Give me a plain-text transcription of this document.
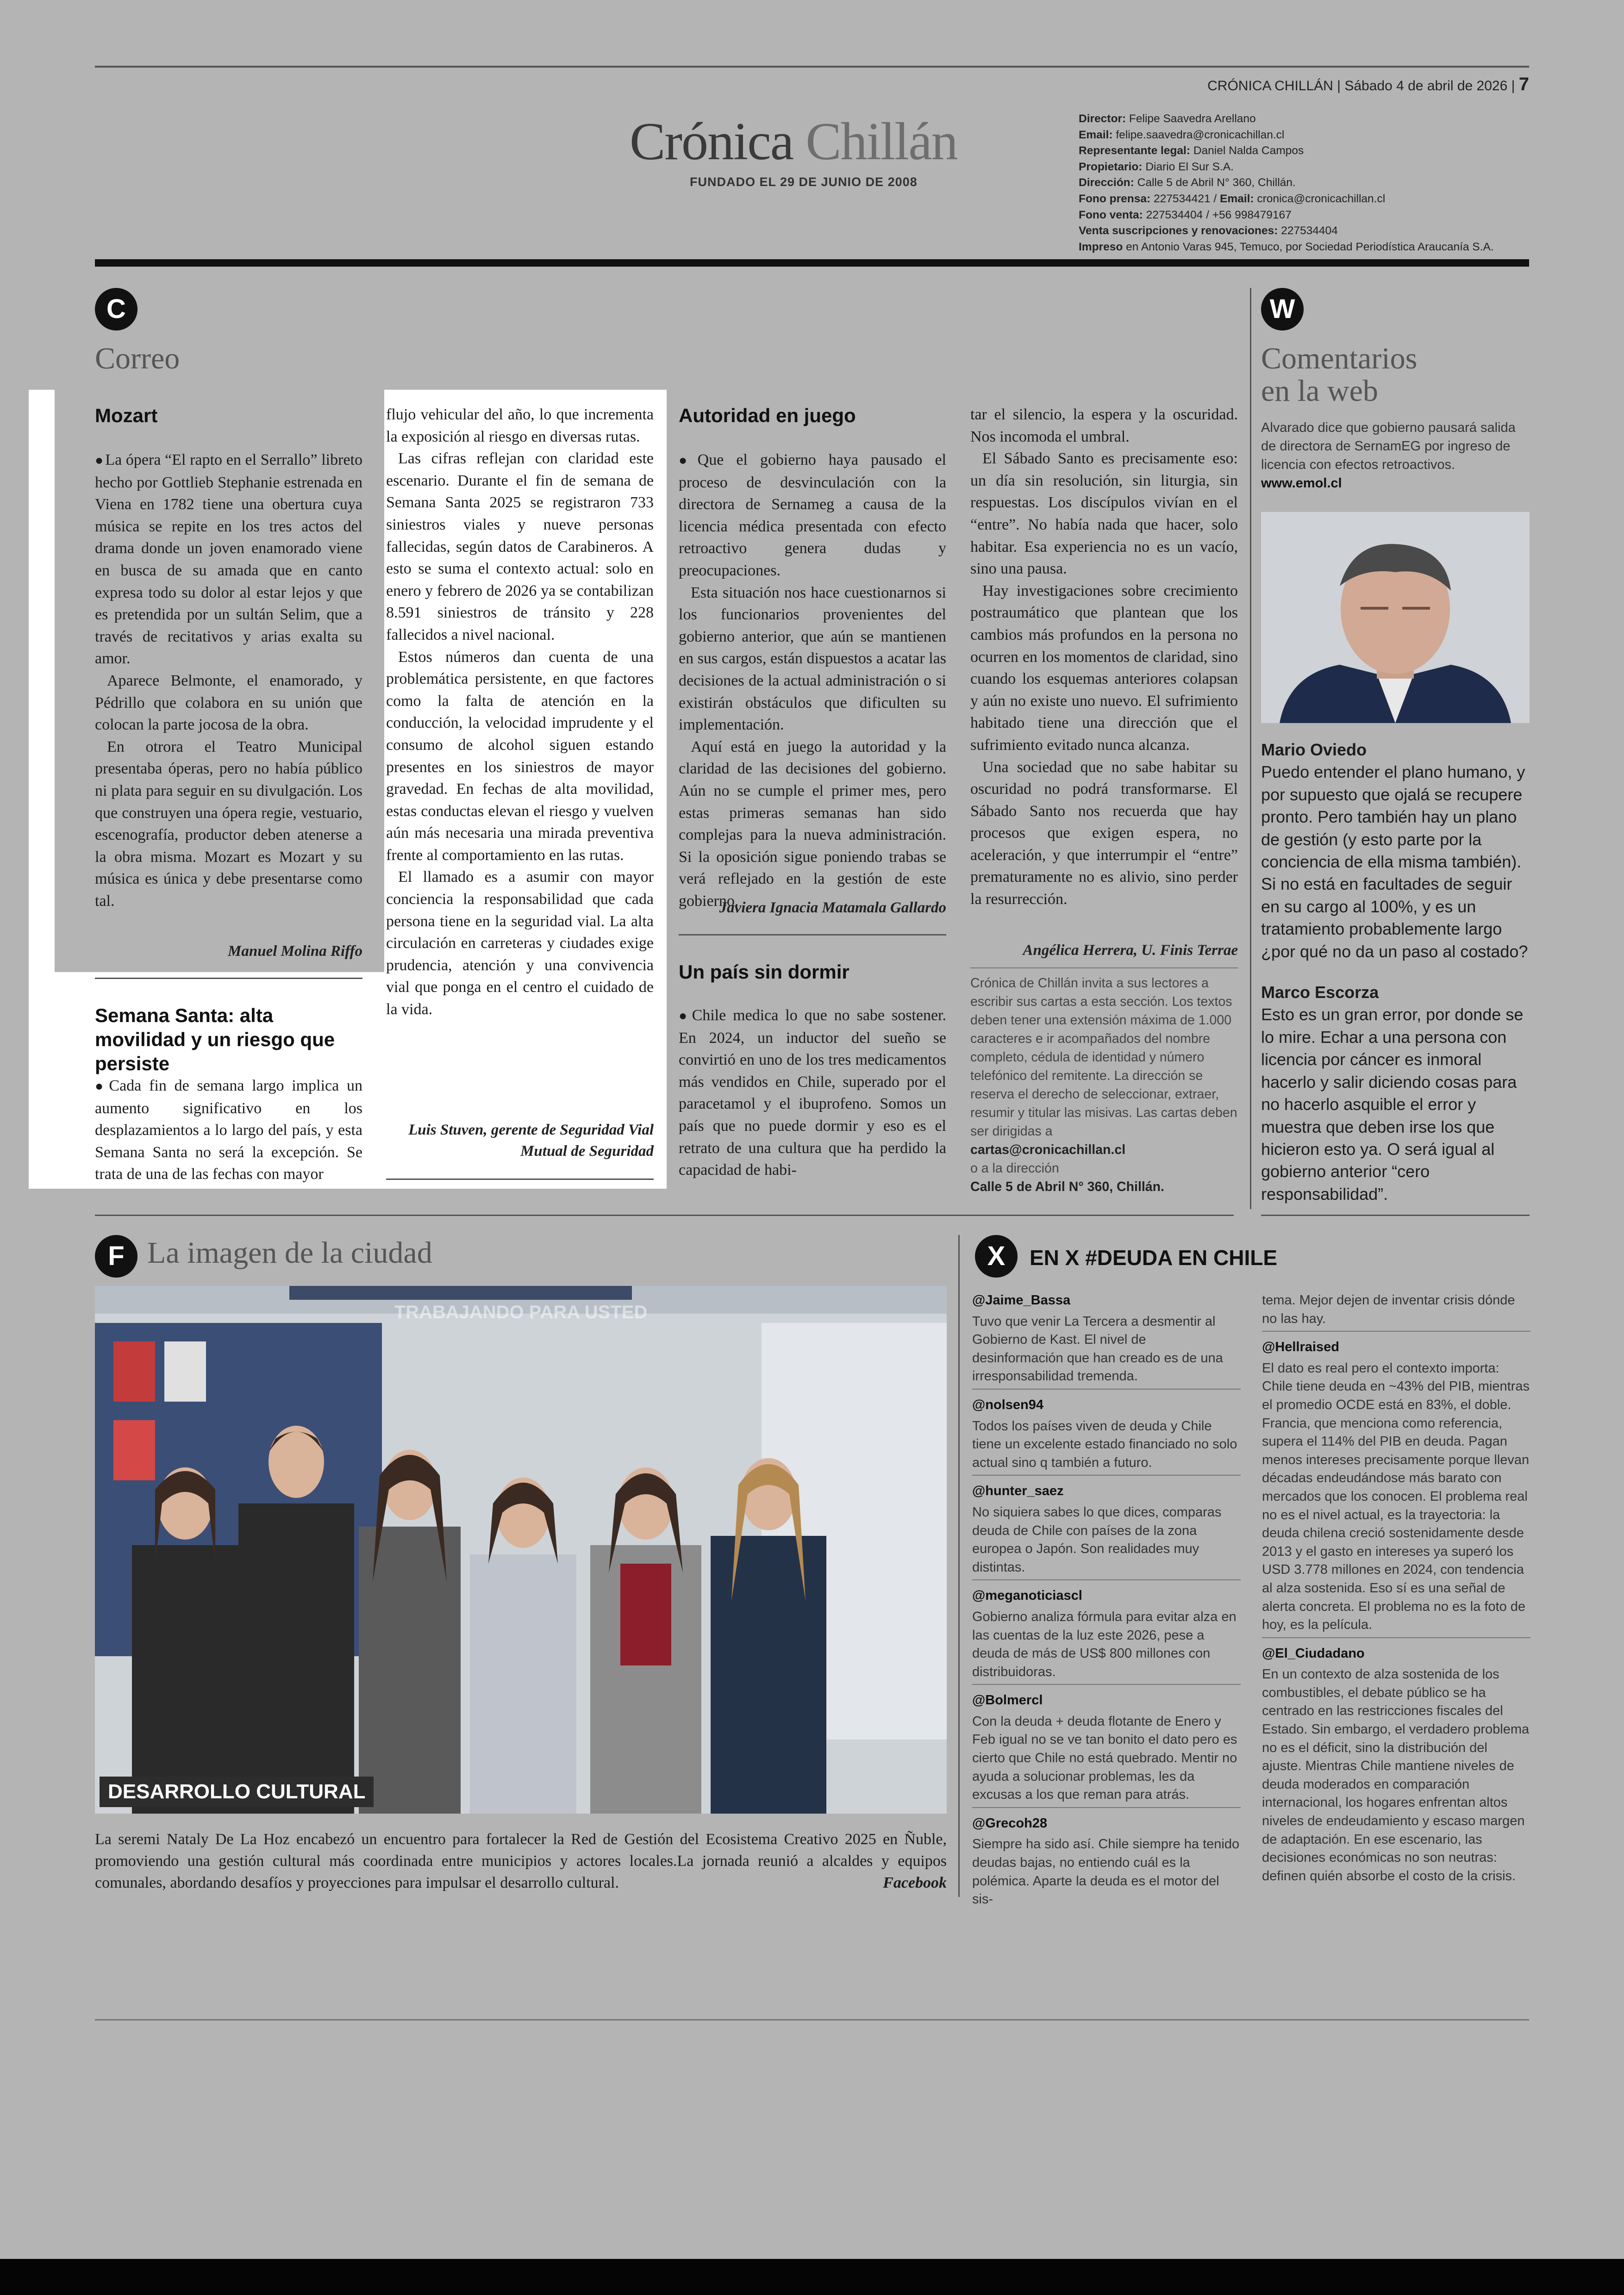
CRÓNICA CHILLÁN | Sábado 4 de abril de 2026 | 7
Crónica Chillán
FUNDADO EL 29 DE JUNIO DE 2008
Director: Felipe Saavedra Arellano
Email: felipe.saavedra@cronicachillan.cl
Representante legal: Daniel Nalda Campos
Propietario: Diario El Sur S.A.
Dirección: Calle 5 de Abril N° 360, Chillán.
Fono prensa: 227534421 / Email: cronica@cronicachillan.cl
Fono venta: 227534404 / +56 998479167
Venta suscripciones y renovaciones: 227534404
Impreso en Antonio Varas 945, Temuco, por Sociedad Periodística Araucanía S.A.
C
Correo
Mozart

● La ópera “El rapto en el Serrallo” libreto hecho por Gottlieb Stephanie estrenada en Viena en 1782 tiene una obertura cuya música se repite en los tres actos del drama donde un joven enamorado viene en busca de su amada que en canto expresa todo su dolor al estar lejos y que es pretendida por un sultán Selim, que a través de recitativos y arias exalta su amor.

Aparece Belmonte, el enamorado, y Pédrillo que colabora en su unión que colocan la parte jocosa de la obra.

En otrora el Teatro Municipal presentaba óperas, pero no había público ni plata para seguir en su divulgación. Los que construyen una ópera regie, vestuario, escenografía, productor deben atenerse a la obra misma. Mozart es Mozart y su música es única y debe presentarse como tal.

Manuel Molina Riffo
Semana Santa: alta movilidad y un riesgo que persiste

● Cada fin de semana largo implica un aumento significativo en los desplazamientos a lo largo del país, y esta Semana Santa no será la excepción. Se trata de una de las fechas con mayor

flujo vehicular del año, lo que incrementa la exposición al riesgo en diversas rutas.

Las cifras reflejan con claridad este escenario. Durante el fin de semana de Semana Santa 2025 se registraron 733 siniestros viales y nueve personas fallecidas, según datos de Carabineros. A esto se suma el contexto actual: solo en enero y febrero de 2026 ya se contabilizan 8.591 siniestros de tránsito y 228 fallecidos a nivel nacional.

Estos números dan cuenta de una problemática persistente, en que factores como la falta de atención en la conducción, la velocidad imprudente y el consumo de alcohol siguen estando presentes en los siniestros de mayor gravedad. En fechas de alta movilidad, estas conductas elevan el riesgo y vuelven aún más necesaria una mirada preventiva frente al comportamiento en las rutas.

El llamado es a asumir con mayor conciencia la responsabilidad que cada persona tiene en la seguridad vial. La alta circulación en carreteras y ciudades exige prudencia, atención y una convivencia vial que ponga en el centro el cuidado de la vida.

Luis Stuven, gerente de Seguridad Vial Mutual de Seguridad
Autoridad en juego

● Que el gobierno haya pausado el proceso de desvinculación con la directora de Sernameg a causa de la licencia médica presentada con efecto retroactivo genera dudas y preocupaciones.

Esta situación nos hace cuestionarnos si los funcionarios provenientes del gobierno anterior, que aún se mantienen en sus cargos, están dispuestos a acatar las decisiones de la actual administración o si existirán obstáculos que dificulten su implementación.

Aquí está en juego la autoridad y la claridad de las decisiones del gobierno. Aún no se cumple el primer mes, pero estas primeras semanas han sido complejas para la nueva administración. Si la oposición sigue poniendo trabas se verá reflejado en la gestión de este gobierno.

Javiera Ignacia Matamala Gallardo
Un país sin dormir

● Chile medica lo que no sabe sostener. En 2024, un inductor del sueño se convirtió en uno de los tres medicamentos más vendidos en Chile, superado por el paracetamol y el ibuprofeno. Somos un país que no puede dormir y eso es el retrato de una cultura que ha perdido la capacidad de habi-

tar el silencio, la espera y la oscuridad. Nos incomoda el umbral.

El Sábado Santo es precisamente eso: un día sin resolución, sin liturgia, sin respuestas. Los discípulos vivían en el “entre”. No había nada que hacer, solo habitar. Esa experiencia no es un vacío, sino una pausa.

Hay investigaciones sobre crecimiento postraumático que plantean que los cambios más profundos en la persona no ocurren en los momentos de claridad, sino cuando los esquemas anteriores colapsan y aún no existe uno nuevo. El sufrimiento habitado tiene una dirección que el sufrimiento evitado nunca alcanza.

Una sociedad que no sabe habitar su oscuridad no podrá transformarse. El Sábado Santo nos recuerda que hay procesos que exigen espera, no aceleración, y que interrumpir el “entre” prematuramente no es alivio, sino perder la resurrección.

Angélica Herrera, U. Finis Terrae
Crónica de Chillán invita a sus lectores a escribir sus cartas a esta sección. Los textos deben tener una extensión máxima de 1.000 caracteres e ir acompañados del nombre completo, cédula de identidad y número telefónico del remitente. La dirección se reserva el derecho de seleccionar, extraer, resumir y titular las misivas. Las cartas deben ser dirigidas a
cartas@cronicachillan.cl
o a la dirección
Calle 5 de Abril N° 360, Chillán.
W
Comentarios
en la web
Alvarado dice que gobierno pausará salida de directora de SernamEG por ingreso de licencia con efectos retroactivos.
www.emol.cl
Mario Oviedo
Puedo entender el plano humano, y por supuesto que ojalá se recupere pronto. Pero también hay un plano de gestión (y esto parte por la conciencia de ella misma también). Si no está en facultades de seguir en su cargo al 100%, y es un tratamiento probablemente largo ¿por qué no da un paso al costado?
Marco Escorza
Esto es un gran error, por donde se lo mire. Echar a una persona con licencia por cáncer es inmoral hacerlo y salir diciendo cosas para no hacerlo asquible el error y muestra que deben irse los que hicieron esto ya. O será igual al gobierno anterior “cero responsabilidad”.
F La imagen de la ciudad
TRABAJANDO PARA USTED
DESARROLLO CULTURAL
La seremi Nataly De La Hoz encabezó un encuentro para fortalecer la Red de Gestión del Ecosistema Creativo 2025 en Ñuble, promoviendo una gestión cultural más coordinada entre municipios y actores locales.La jornada reunió a alcaldes y equipos comunales, abordando desafíos y proyecciones para impulsar el desarrollo cultural.	Facebook
X	EN X #DEUDA EN CHILE
@Jaime_Bassa
Tuvo que venir La Tercera a desmentir al Gobierno de Kast. El nivel de desinformación que han creado es de una irresponsabilidad tremenda.
@nolsen94
Todos los países viven de deuda y Chile tiene un excelente estado financiado no solo actual sino q también a futuro.
@hunter_saez
No siquiera sabes lo que dices, comparas deuda de Chile con países de la zona europea o Japón. Son realidades muy distintas.
@meganoticiascl
Gobierno analiza fórmula para evitar alza en las cuentas de la luz este 2026, pese a deuda de más de US$ 800 millones con distribuidoras.
@Bolmercl
Con la deuda + deuda flotante de Enero y Feb igual no se ve tan bonito el dato pero es cierto que Chile no está quebrado. Mentir no ayuda a solucionar problemas, les da excusas a los que reman para atrás.
@Grecoh28
Siempre ha sido así. Chile siempre ha tenido deudas bajas, no entiendo cuál es la polémica. Aparte la deuda es el motor del sis-
tema. Mejor dejen de inventar crisis dónde no las hay.
@Hellraised
El dato es real pero el contexto importa: Chile tiene deuda en ~43% del PIB, mientras el promedio OCDE está en 83%, el doble. Francia, que menciona como referencia, supera el 114% del PIB en deuda. Pagan menos intereses precisamente porque llevan décadas endeudándose más barato con mercados que los conocen. El problema real no es el nivel actual, es la trayectoria: la deuda chilena creció sostenidamente desde 2013 y el gasto en intereses ya superó los USD 3.778 millones en 2024, con tendencia al alza sostenida. Eso sí es una señal de alerta concreta. El problema no es la foto de hoy, es la película.
@El_Ciudadano
En un contexto de alza sostenida de los combustibles, el debate público se ha centrado en las restricciones fiscales del Estado. Sin embargo, el verdadero problema no es el déficit, sino la distribución del ajuste. Mientras Chile mantiene niveles de deuda moderados en comparación internacional, los hogares enfrentan altos niveles de endeudamiento y escaso margen de adaptación. En ese escenario, las decisiones económicas no son neutras: definen quién absorbe el costo de la crisis.
